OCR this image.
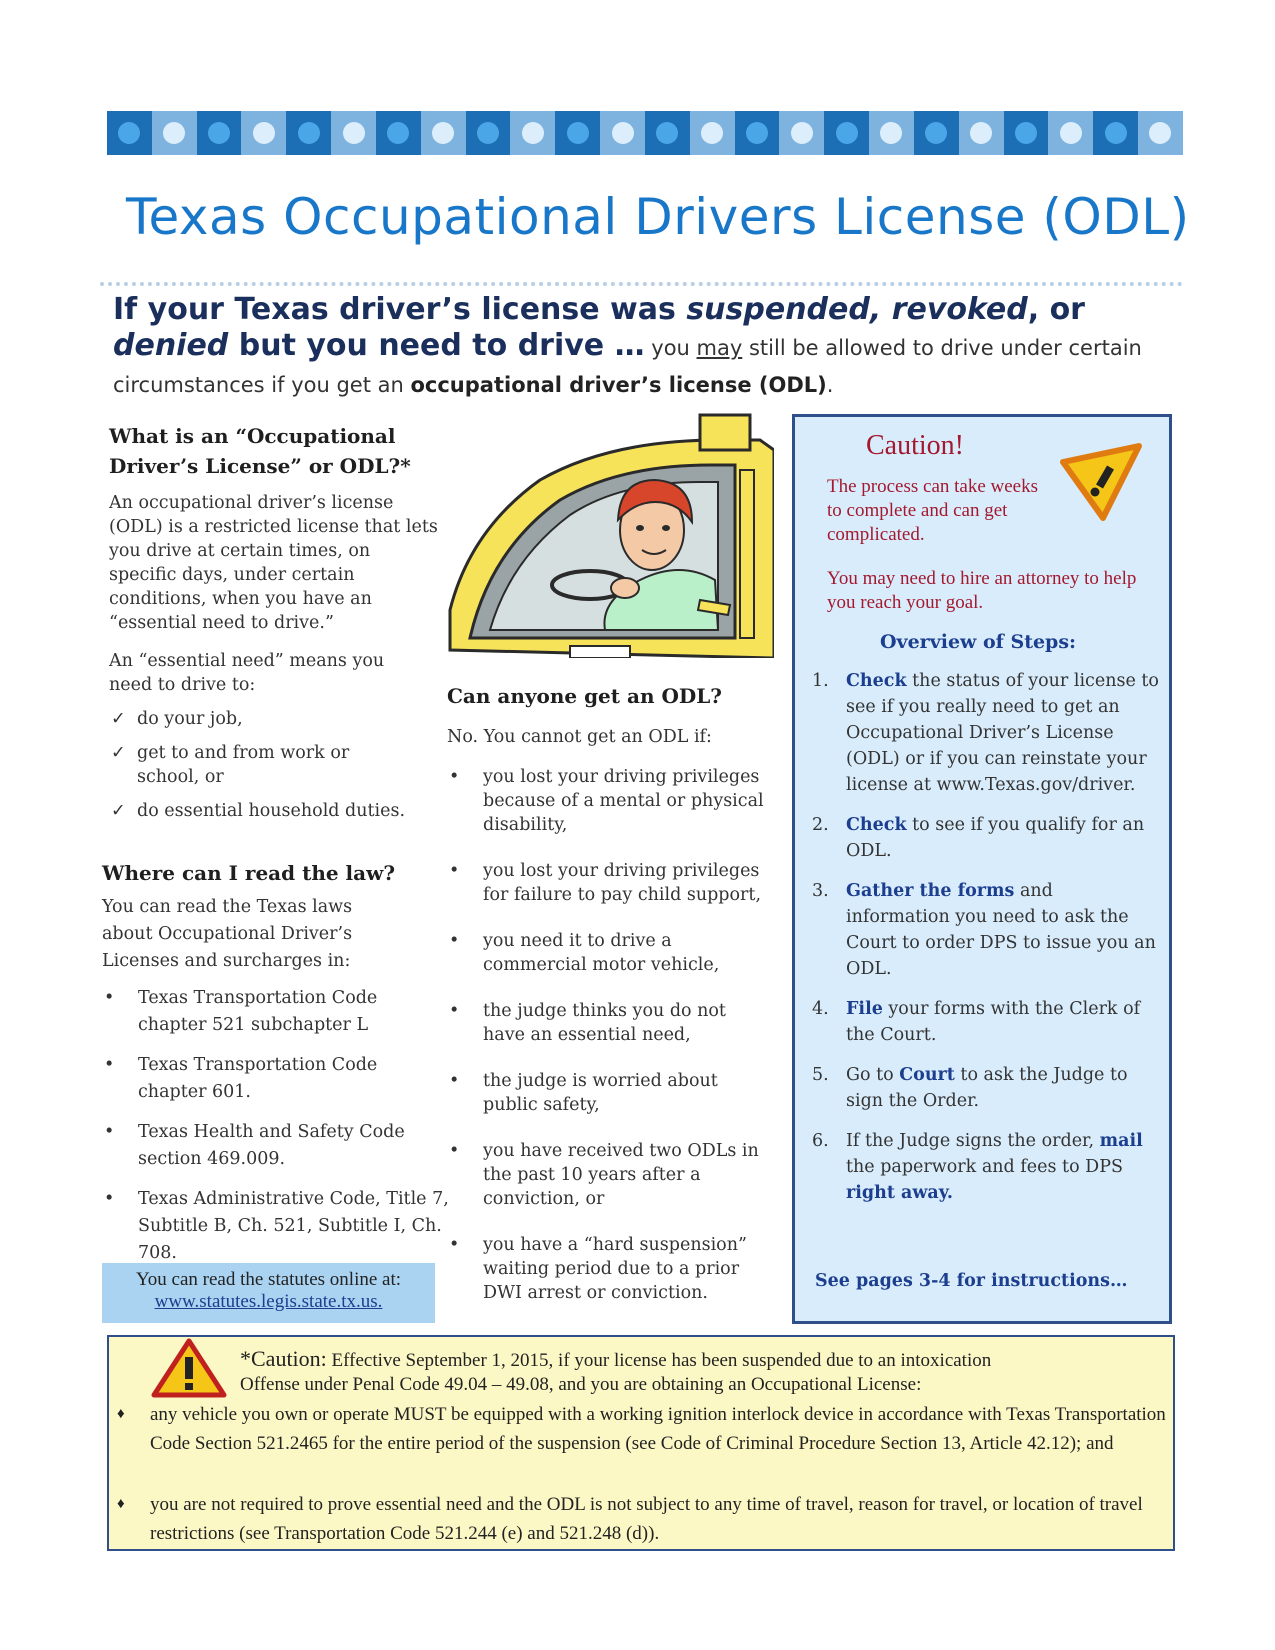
Texas Occupational Drivers License (ODL)
If your Texas driver’s license was suspended, revoked, or
denied but you need to drive … you may still be allowed to drive under certain
circumstances if you get an occupational driver’s license (ODL).
What is an “Occupational
Driver’s License” or ODL?*
An occupational driver’s license (ODL) is a restricted license that lets you drive at certain times, on specific days, under certain conditions, when you have an “essential need to drive.”
An “essential need” means you need to drive to:
✓ do your job,
✓ get to and from work or school, or
✓ do essential household duties.
Where can I read the law?
You can read the Texas laws about Occupational Driver’s Licenses and surcharges in:
• Texas Transportation Code chapter 521 subchapter L
• Texas Transportation Code chapter 601.
• Texas Health and Safety Code section 469.009.
• Texas Administrative Code, Title 7, Subtitle B, Ch. 521, Subtitle I, Ch. 708.
You can read the statutes online at:
www.statutes.legis.state.tx.us.
Can anyone get an ODL?
No. You cannot get an ODL if:
• you lost your driving privileges because of a mental or physical disability,
• you lost your driving privileges for failure to pay child support,
• you need it to drive a commercial motor vehicle,
• the judge thinks you do not have an essential need,
• the judge is worried about public safety,
• you have received two ODLs in the past 10 years after a conviction, or
• you have a “hard suspension” waiting period due to a prior DWI arrest or conviction.
Caution!
The process can take weeks to complete and can get complicated.
You may need to hire an attorney to help you reach your goal.
Overview of Steps:
1. Check the status of your license to see if you really need to get an Occupational Driver’s License (ODL) or if you can reinstate your license at www.Texas.gov/driver.
2. Check to see if you qualify for an ODL.
3. Gather the forms and information you need to ask the Court to order DPS to issue you an ODL.
4. File your forms with the Clerk of the Court.
5. Go to Court to ask the Judge to sign the Order.
6. If the Judge signs the order, mail the paperwork and fees to DPS right away.
See pages 3-4 for instructions…
*Caution: Effective September 1, 2015, if your license has been suspended due to an intoxication
Offense under Penal Code 49.04 – 49.08, and you are obtaining an Occupational License:
♦ any vehicle you own or operate MUST be equipped with a working ignition interlock device in accordance with Texas Transportation Code Section 521.2465 for the entire period of the suspension (see Code of Criminal Procedure Section 13, Article 42.12); and
♦ you are not required to prove essential need and the ODL is not subject to any time of travel, reason for travel, or location of travel restrictions (see Transportation Code 521.244 (e) and 521.248 (d)).
